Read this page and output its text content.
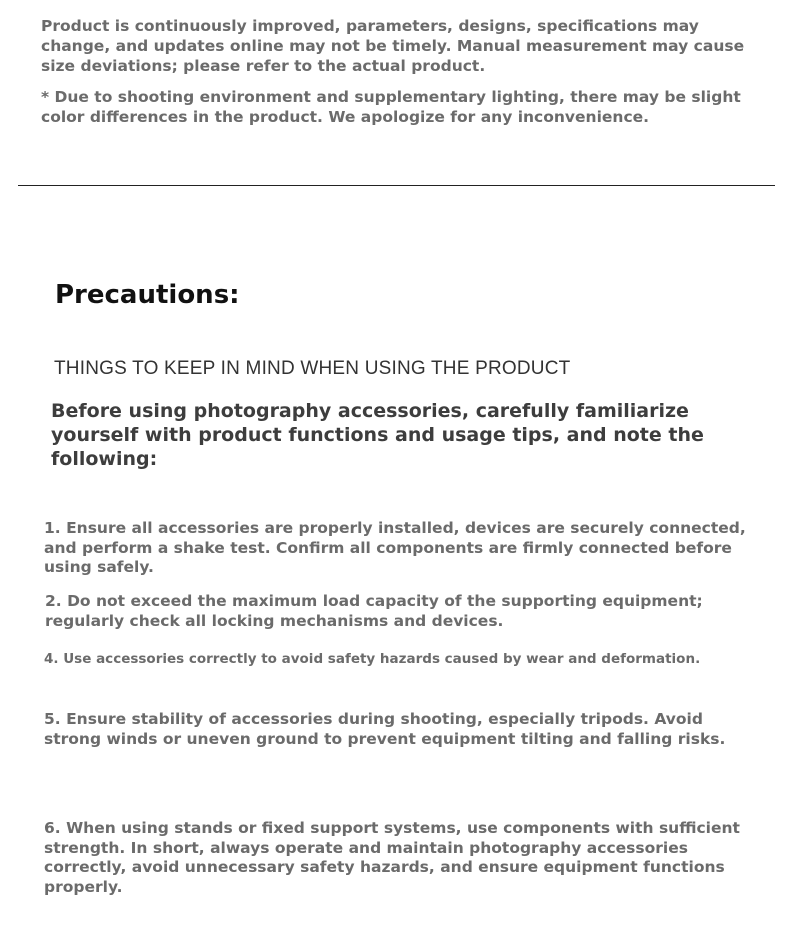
Product is continuously improved, parameters, designs, specifications may change, and updates online may not be timely. Manual measurement may cause size deviations; please refer to the actual product.

* Due to shooting environment and supplementary lighting, there may be slight color differences in the product. We apologize for any inconvenience.

Precautions:
THINGS TO KEEP IN MIND WHEN USING THE PRODUCT

Before using photography accessories, carefully familiarize yourself with product functions and usage tips, and note the following:

1. Ensure all accessories are properly installed, devices are securely connected, and perform a shake test. Confirm all components are firmly connected before using safely.

2. Do not exceed the maximum load capacity of the supporting equipment; regularly check all locking mechanisms and devices.

4. Use accessories correctly to avoid safety hazards caused by wear and deformation.

5. Ensure stability of accessories during shooting, especially tripods. Avoid strong winds or uneven ground to prevent equipment tilting and falling risks.

6. When using stands or fixed support systems, use components with sufficient strength. In short, always operate and maintain photography accessories correctly, avoid unnecessary safety hazards, and ensure equipment functions properly.
